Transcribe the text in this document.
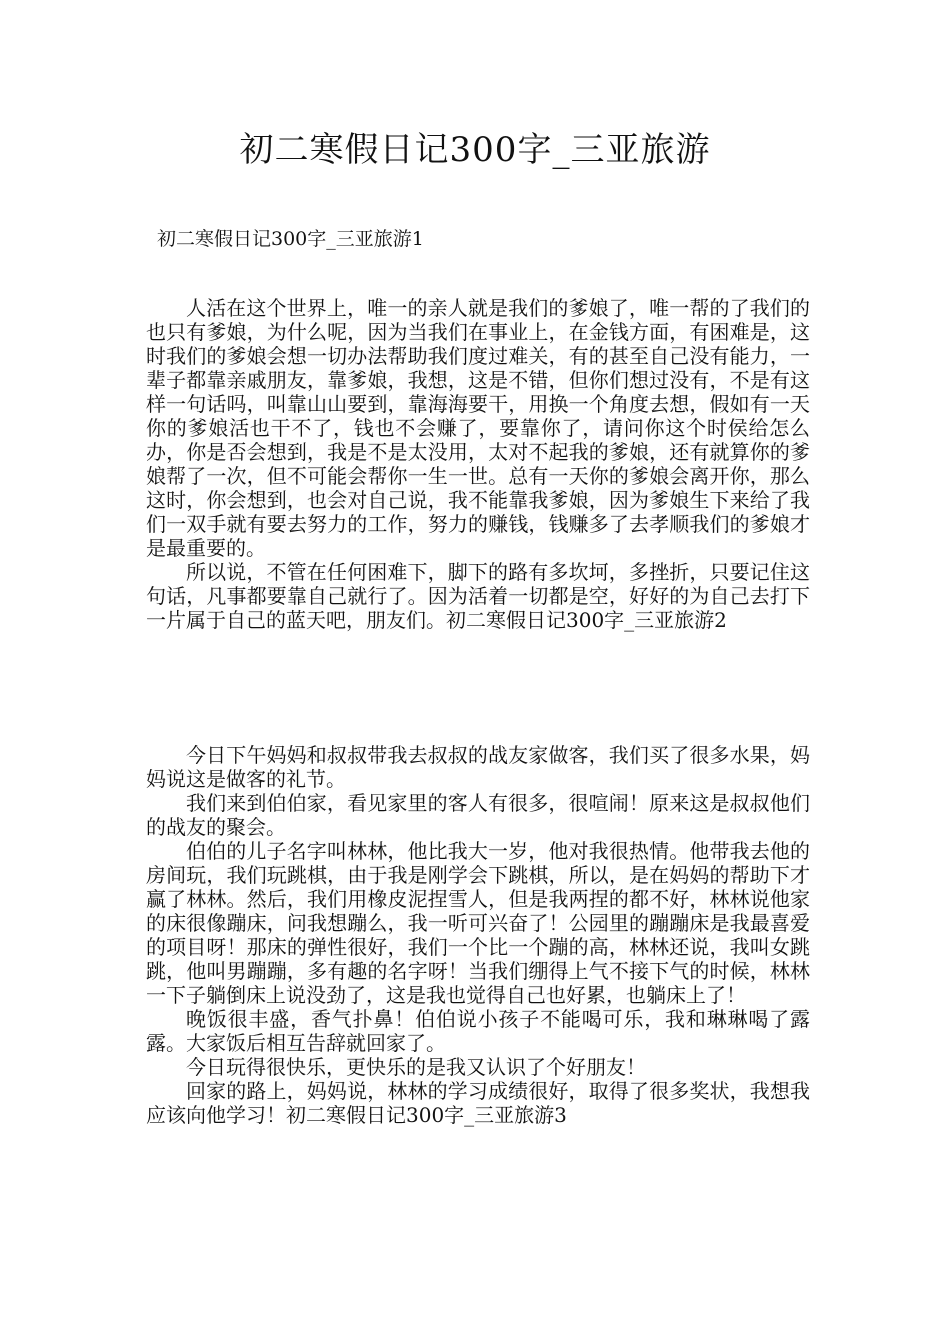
初二寒假日记300字_三亚旅游
初二寒假日记300字_三亚旅游1

人活在这个世界上，唯一的亲人就是我们的爹娘了，唯一帮的了我们的也只有爹娘，为什么呢，因为当我们在事业上，在金钱方面，有困难是，这时我们的爹娘会想一切办法帮助我们度过难关，有的甚至自己没有能力，一辈子都靠亲戚朋友，靠爹娘，我想，这是不错，但你们想过没有，不是有这样一句话吗，叫靠山山要到，靠海海要干，用换一个角度去想，假如有一天你的爹娘活也干不了，钱也不会赚了，要靠你了，请问你这个时侯给怎么办，你是否会想到，我是不是太没用，太对不起我的爹娘，还有就算你的爹娘帮了一次，但不可能会帮你一生一世。总有一天你的爹娘会离开你，那么这时，你会想到，也会对自己说，我不能靠我爹娘，因为爹娘生下来给了我们一双手就有要去努力的工作，努力的赚钱，钱赚多了去孝顺我们的爹娘才是最重要的。

所以说，不管在任何困难下，脚下的路有多坎坷，多挫折，只要记住这句话，凡事都要靠自己就行了。因为活着一切都是空，好好的为自己去打下一片属于自己的蓝天吧，朋友们。初二寒假日记300字_三亚旅游2

今日下午妈妈和叔叔带我去叔叔的战友家做客，我们买了很多水果，妈妈说这是做客的礼节。

我们来到伯伯家，看见家里的客人有很多，很喧闹！原来这是叔叔他们的战友的聚会。

伯伯的儿子名字叫林林，他比我大一岁，他对我很热情。他带我去他的房间玩，我们玩跳棋，由于我是刚学会下跳棋，所以，是在妈妈的帮助下才赢了林林。然后，我们用橡皮泥捏雪人，但是我两捏的都不好，林林说他家的床很像蹦床，问我想蹦么，我一听可兴奋了！公园里的蹦蹦床是我最喜爱的项目呀！那床的弹性很好，我们一个比一个蹦的高，林林还说，我叫女跳跳，他叫男蹦蹦，多有趣的名字呀！当我们绷得上气不接下气的时候，林林一下子躺倒床上说没劲了，这是我也觉得自己也好累，也躺床上了！

晚饭很丰盛，香气扑鼻！伯伯说小孩子不能喝可乐，我和琳琳喝了露露。大家饭后相互告辞就回家了。

今日玩得很快乐，更快乐的是我又认识了个好朋友！

回家的路上，妈妈说，林林的学习成绩很好，取得了很多奖状，我想我应该向他学习！初二寒假日记300字_三亚旅游3
